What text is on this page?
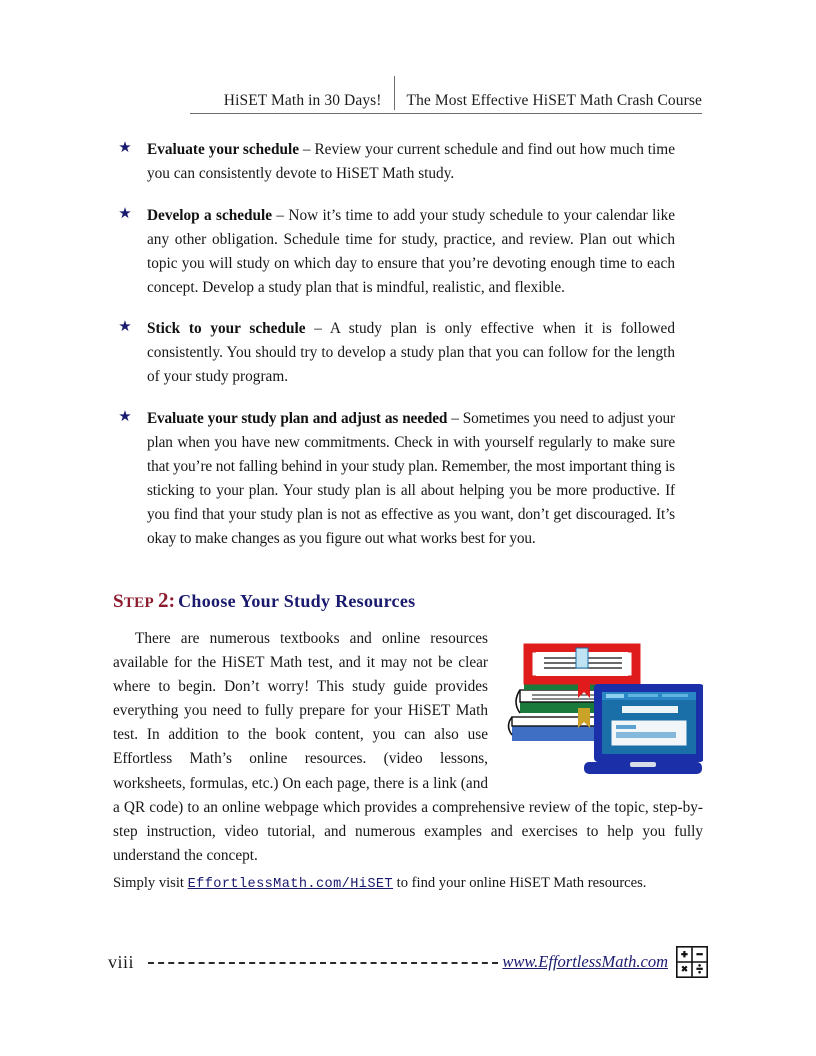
HiSET Math in 30 Days!	The Most Effective HiSET Math Crash Course
★ Evaluate your schedule – Review your current schedule and find out how much time you can consistently devote to HiSET Math study.
★ Develop a schedule – Now it’s time to add your study schedule to your calendar like any other obligation. Schedule time for study, practice, and review. Plan out which topic you will study on which day to ensure that you’re devoting enough time to each concept. Develop a study plan that is mindful, realistic, and flexible.
★ Stick to your schedule – A study plan is only effective when it is followed consistently. You should try to develop a study plan that you can follow for the length of your study program.
★ Evaluate your study plan and adjust as needed – Sometimes you need to adjust your plan when you have new commitments. Check in with yourself regularly to make sure that you’re not falling behind in your study plan. Remember, the most important thing is sticking to your plan. Your study plan is all about helping you be more productive. If you find that your study plan is not as effective as you want, don’t get discouraged. It’s okay to make changes as you figure out what works best for you.
STEP 2: Choose Your Study Resources
There are numerous textbooks and online resources available for the HiSET Math test, and it may not be clear where to begin. Don’t worry! This study guide provides everything you need to fully prepare for your HiSET Math test. In addition to the book content, you can also use Effortless Math’s online resources. (video lessons, worksheets, formulas, etc.) On each page, there is a link (and a QR code) to an online webpage which provides a comprehensive review of the topic, step-by-step instruction, video tutorial, and numerous examples and exercises to help you fully understand the concept.
Simply visit EffortlessMath.com/HiSET to find your online HiSET Math resources.
viii	www.EffortlessMath.com
